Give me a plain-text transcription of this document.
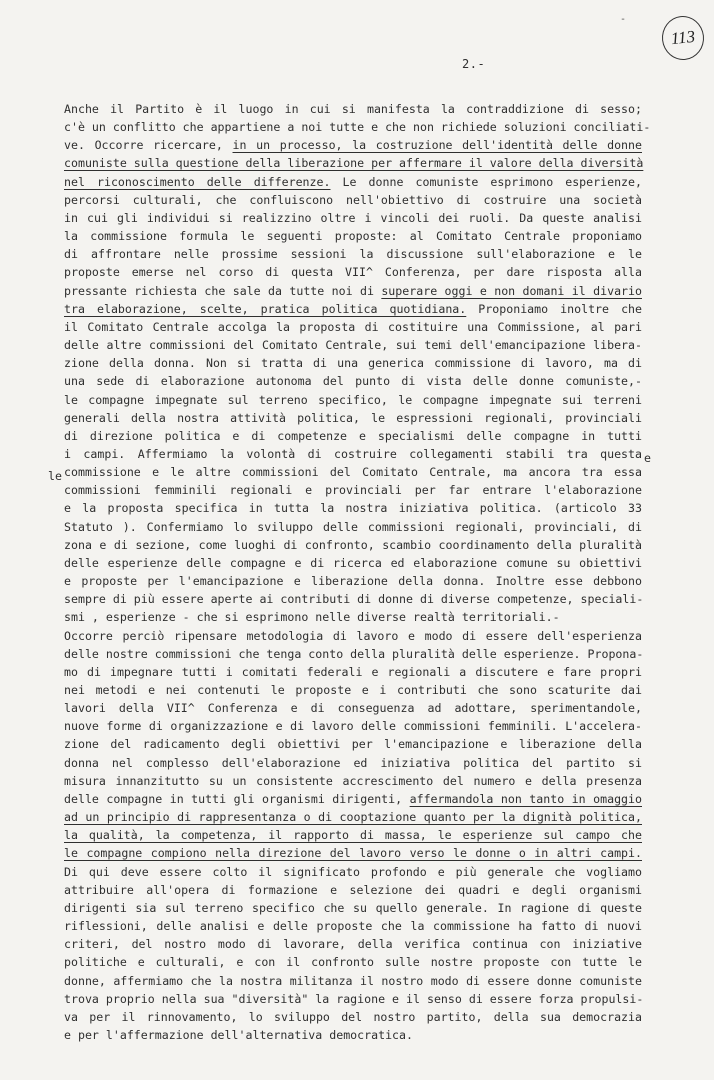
-
113
2.-
le
e
Anche il Partito è il luogo in cui si manifesta la contraddizione di sesso;
c'è un conflitto che appartiene a noi tutte e che non richiede soluzioni conciliati-
ve. Occorre ricercare, in un processo, la costruzione dell'identità delle donne
comuniste sulla questione della liberazione per affermare il valore della diversità
nel riconoscimento delle differenze. Le donne comuniste esprimono esperienze,
percorsi culturali, che confluiscono nell'obiettivo di costruire una società
in cui gli individui si realizzino oltre i vincoli dei ruoli. Da queste analisi
la commissione formula le seguenti proposte: al Comitato Centrale proponiamo
di affrontare nelle prossime sessioni la discussione sull'elaborazione e le
proposte emerse nel corso di questa VII^ Conferenza, per dare risposta alla
pressante richiesta che sale da tutte noi di superare oggi e non domani il divario
tra elaborazione, scelte, pratica politica quotidiana. Proponiamo inoltre che
il Comitato Centrale accolga la proposta di costituire una Commissione, al pari
delle altre commissioni del Comitato Centrale, sui temi dell'emancipazione libera-
zione della donna. Non si tratta di una generica commissione di lavoro, ma di
una sede di elaborazione autonoma del punto di vista delle donne comuniste,-
le compagne impegnate sul terreno specifico, le compagne impegnate sui terreni
generali della nostra attività politica, le espressioni regionali, provinciali
di direzione politica e di competenze e specialismi delle compagne in tutti
i campi. Affermiamo la volontà di costruire collegamenti stabili tra questa
commissione e le altre commissioni del Comitato Centrale, ma ancora tra essa
commissioni femminili regionali e provinciali per far entrare l'elaborazione
e la proposta specifica in tutta la nostra iniziativa politica. (articolo 33
Statuto ). Confermiamo lo sviluppo delle commissioni regionali, provinciali, di
zona e di sezione, come luoghi di confronto, scambio coordinamento della pluralità
delle esperienze delle compagne e di ricerca ed elaborazione comune su obiettivi
e proposte per l'emancipazione e liberazione della donna. Inoltre esse debbono
sempre di più essere aperte ai contributi di donne di diverse competenze, speciali-
smi , esperienze - che si esprimono nelle diverse realtà territoriali.-
Occorre perciò ripensare metodologia di lavoro e modo di essere dell'esperienza
delle nostre commissioni che tenga conto della pluralità delle esperienze. Propona-
mo di impegnare tutti i comitati federali e regionali a discutere e fare propri
nei metodi e nei contenuti le proposte e i contributi che sono scaturite dai
lavori della VII^ Conferenza e di conseguenza ad adottare, sperimentandole,
nuove forme di organizzazione e di lavoro delle commissioni femminili. L'accelera-
zione del radicamento degli obiettivi per l'emancipazione e liberazione della
donna nel complesso dell'elaborazione ed iniziativa politica del partito si
misura innanzitutto su un consistente accrescimento del numero e della presenza
delle compagne in tutti gli organismi dirigenti, affermandola non tanto in omaggio
ad un principio di rappresentanza o di cooptazione quanto per la dignità politica,
la qualità, la competenza, il rapporto di massa, le esperienze sul campo che
le compagne compiono nella direzione del lavoro verso le donne o in altri campi.
Di qui deve essere colto il significato profondo e più generale che vogliamo
attribuire all'opera di formazione e selezione dei quadri e degli organismi
dirigenti sia sul terreno specifico che su quello generale. In ragione di queste
riflessioni, delle analisi e delle proposte che la commissione ha fatto di nuovi
criteri, del nostro modo di lavorare, della verifica continua con iniziative
politiche e culturali, e con il confronto sulle nostre proposte con tutte le
donne, affermiamo che la nostra militanza il nostro modo di essere donne comuniste
trova proprio nella sua "diversità" la ragione e il senso di essere forza propulsi-
va per il rinnovamento, lo sviluppo del nostro partito, della sua democrazia
e per l'affermazione dell'alternativa democratica.
